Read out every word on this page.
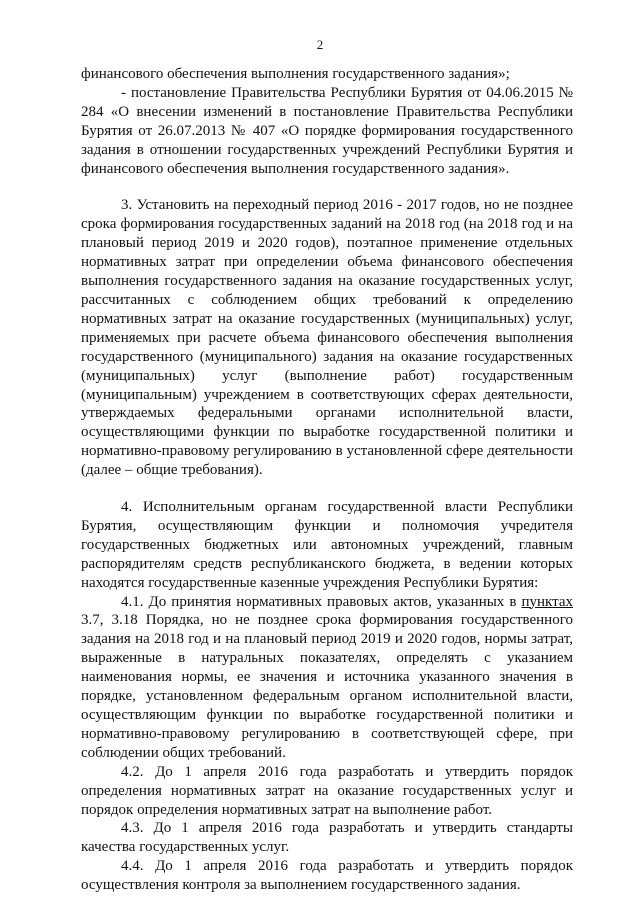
2

финансового обеспечения выполнения государственного задания»;

- постановление Правительства Республики Бурятия от 04.06.2015 № 284 «О внесении изменений в постановление Правительства Республики Бурятия от 26.07.2013 № 407 «О порядке формирования государственного задания в отношении государственных учреждений Республики Бурятия и финансового обеспечения выполнения государственного задания».

3. Установить на переходный период 2016 - 2017 годов, но не позднее срока формирования государственных заданий на 2018 год (на 2018 год и на плановый период 2019 и 2020 годов), поэтапное применение отдельных нормативных затрат при определении объема финансового обеспечения выполнения государственного задания на оказание государственных услуг, рассчитанных с соблюдением общих требований к определению нормативных затрат на оказание государственных (муниципальных) услуг, применяемых при расчете объема финансового обеспечения выполнения государственного (муниципального) задания на оказание государственных (муниципальных) услуг (выполнение работ) государственным (муниципальным) учреждением в соответствующих сферах деятельности, утверждаемых федеральными органами исполнительной власти, осуществляющими функции по выработке государственной политики и нормативно-правовому регулированию в установленной сфере деятельности (далее – общие требования).

4. Исполнительным органам государственной власти Республики Бурятия, осуществляющим функции и полномочия учредителя государственных бюджетных или автономных учреждений, главным распорядителям средств республиканского бюджета, в ведении которых находятся государственные казенные учреждения Республики Бурятия:

4.1. До принятия нормативных правовых актов, указанных в пунктах 3.7, 3.18 Порядка, но не позднее срока формирования государственного задания на 2018 год и на плановый период 2019 и 2020 годов, нормы затрат, выраженные в натуральных показателях, определять с указанием наименования нормы, ее значения и источника указанного значения в порядке, установленном федеральным органом исполнительной власти, осуществляющим функции по выработке государственной политики и нормативно-правовому регулированию в соответствующей сфере, при соблюдении общих требований.

4.2. До 1 апреля 2016 года разработать и утвердить порядок определения нормативных затрат на оказание государственных услуг и порядок определения нормативных затрат на выполнение работ.

4.3. До 1 апреля 2016 года разработать и утвердить стандарты качества государственных услуг.

4.4. До 1 апреля 2016 года разработать и утвердить порядок осуществления контроля за выполнением государственного задания.
